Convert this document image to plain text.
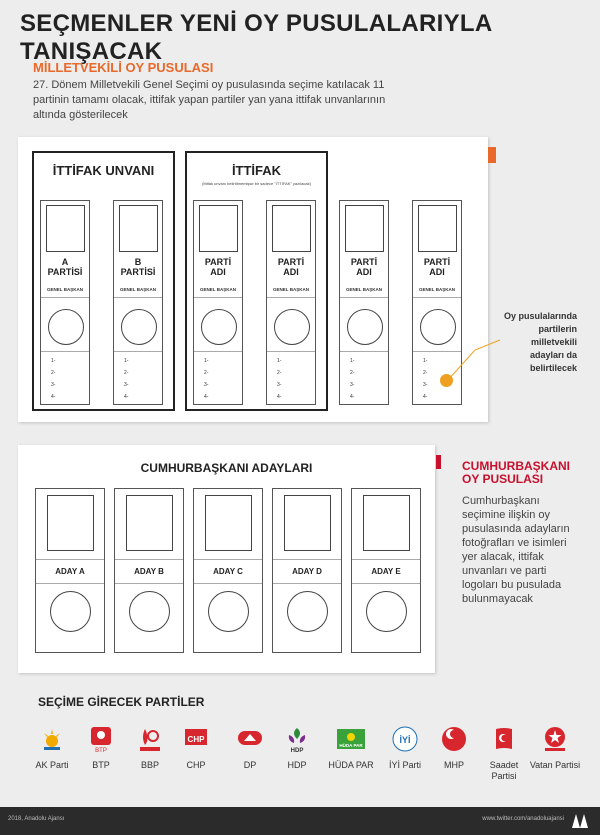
SEÇMENLER YENİ OY PUSULALARIYLA TANIŞACAK
MİLLETVEKİLİ OY PUSULASI
27. Dönem Milletvekili Genel Seçimi oy pusulasında seçime katılacak 11 partinin tamamı olacak, ittifak yapan partiler yan yana ittifak unvanlarının altında gösterilecek
İTTİFAK UNVANI	İTTİFAK
(İttifak unvanı belirtilmemişse bir sadece "İTTİFAK" yazılacak)
A
PARTİSİ
GENEL BAŞKAN
1-
2-
3-
4-
B
PARTİSİ
GENEL BAŞKAN
1-
2-
3-
4-
PARTİ
ADI
GENEL BAŞKAN
1-
2-
3-
4-
PARTİ
ADI
GENEL BAŞKAN
1-
2-
3-
4-
PARTİ
ADI
GENEL BAŞKAN
1-
2-
3-
4-
PARTİ
ADI
GENEL BAŞKAN
1-
2-
3-
4-
Oy pusulalarında partilerin milletvekili adayları da belirtilecek
CUMHURBAŞKANI ADAYLARI
ADAY A	ADAY B	ADAY C	ADAY D	ADAY E
CUMHURBAŞKANI OY PUSULASI
Cumhurbaşkanı seçimine ilişkin oy pusulasında adayların fotoğrafları ve isimleri yer alacak, ittifak unvanları ve parti logoları bu pusulada bulunmayacak
SEÇİME GİRECEK PARTİLER
AK Parti
BTP
BTP	BBP
CHP
CHP	DP
HDP
HDP
HÜDA PAR
HÜDA PAR
İYİ
İYİ Parti	MHP	Saadet Partisi
Vatan Partisi
2018, Anadolu Ajansı	www.twitter.com/anadoluajansi
